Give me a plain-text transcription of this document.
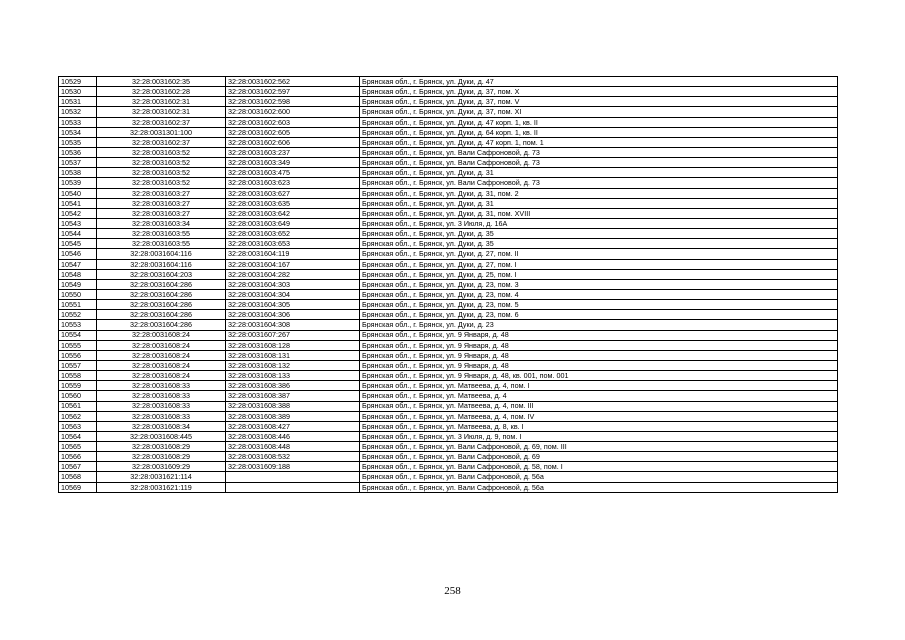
10529	32:28:0031602:35	32:28:0031602:562	Брянская обл., г. Брянск, ул. Дуки, д. 47
10530	32:28:0031602:28	32:28:0031602:597	Брянская обл., г. Брянск, ул. Дуки, д. 37, пом. X
10531	32:28:0031602:31	32:28:0031602:598	Брянская обл., г. Брянск, ул. Дуки, д. 37, пом. V
10532	32:28:0031602:31	32:28:0031602:600	Брянская обл., г. Брянск, ул. Дуки, д. 37, пом. XI
10533	32:28:0031602:37	32:28:0031602:603	Брянская обл., г. Брянск, ул. Дуки, д. 47 корп. 1, кв. II
10534	32:28:0031301:100	32:28:0031602:605	Брянская обл., г. Брянск, ул. Дуки, д. 64 корп. 1, кв. II
10535	32:28:0031602:37	32:28:0031602:606	Брянская обл., г. Брянск, ул. Дуки, д. 47 корп. 1, пом. 1
10536	32:28:0031603:52	32:28:0031603:237	Брянская обл., г. Брянск, ул. Вали Сафроновой, д. 73
10537	32:28:0031603:52	32:28:0031603:349	Брянская обл., г. Брянск, ул. Вали Сафроновой, д. 73
10538	32:28:0031603:52	32:28:0031603:475	Брянская обл., г. Брянск, ул. Дуки, д. 31
10539	32:28:0031603:52	32:28:0031603:623	Брянская обл., г. Брянск, ул. Вали Сафроновой, д. 73
10540	32:28:0031603:27	32:28:0031603:627	Брянская обл., г. Брянск, ул. Дуки, д. 31, пом. 2
10541	32:28:0031603:27	32:28:0031603:635	Брянская обл., г. Брянск, ул. Дуки, д. 31
10542	32:28:0031603:27	32:28:0031603:642	Брянская обл., г. Брянск, ул. Дуки, д. 31, пом. XVIII
10543	32:28:0031603:34	32:28:0031603:649	Брянская обл., г. Брянск, ул. 3 Июля, д. 16А
10544	32:28:0031603:55	32:28:0031603:652	Брянская обл., г. Брянск, ул. Дуки, д. 35
10545	32:28:0031603:55	32:28:0031603:653	Брянская обл., г. Брянск, ул. Дуки, д. 35
10546	32:28:0031604:116	32:28:0031604:119	Брянская обл., г. Брянск, ул. Дуки, д. 27, пом. II
10547	32:28:0031604:116	32:28:0031604:167	Брянская обл., г. Брянск, ул. Дуки, д. 27, пом. I
10548	32:28:0031604:203	32:28:0031604:282	Брянская обл., г. Брянск, ул. Дуки, д. 25, пом. I
10549	32:28:0031604:286	32:28:0031604:303	Брянская обл., г. Брянск, ул. Дуки, д. 23, пом. 3
10550	32:28:0031604:286	32:28:0031604:304	Брянская обл., г. Брянск, ул. Дуки, д. 23, пом. 4
10551	32:28:0031604:286	32:28:0031604:305	Брянская обл., г. Брянск, ул. Дуки, д. 23, пом. 5
10552	32:28:0031604:286	32:28:0031604:306	Брянская обл., г. Брянск, ул. Дуки, д. 23, пом. 6
10553	32:28:0031604:286	32:28:0031604:308	Брянская обл., г. Брянск, ул. Дуки, д. 23
10554	32:28:0031608:24	32:28:0031607:267	Брянская обл., г. Брянск, ул. 9 Января, д. 48
10555	32:28:0031608:24	32:28:0031608:128	Брянская обл., г. Брянск, ул. 9 Января, д. 48
10556	32:28:0031608:24	32:28:0031608:131	Брянская обл., г. Брянск, ул. 9 Января, д. 48
10557	32:28:0031608:24	32:28:0031608:132	Брянская обл., г. Брянск, ул. 9 Января, д. 48
10558	32:28:0031608:24	32:28:0031608:133	Брянская обл., г. Брянск, ул. 9 Января, д. 48, кв. 001, пом. 001
10559	32:28:0031608:33	32:28:0031608:386	Брянская обл., г. Брянск, ул. Матвеева, д. 4, пом. I
10560	32:28:0031608:33	32:28:0031608:387	Брянская обл., г. Брянск, ул. Матвеева, д. 4
10561	32:28:0031608:33	32:28:0031608:388	Брянская обл., г. Брянск, ул. Матвеева, д. 4, пом. III
10562	32:28:0031608:33	32:28:0031608:389	Брянская обл., г. Брянск, ул. Матвеева, д. 4, пом. IV
10563	32:28:0031608:34	32:28:0031608:427	Брянская обл., г. Брянск, ул. Матвеева, д. 8, кв. I
10564	32:28:0031608:445	32:28:0031608:446	Брянская обл., г. Брянск, ул. 3 Июля, д. 9, пом. I
10565	32:28:0031608:29	32:28:0031608:448	Брянская обл., г. Брянск, ул. Вали Сафроновой, д. 69, пом. III
10566	32:28:0031608:29	32:28:0031608:532	Брянская обл., г. Брянск, ул. Вали Сафроновой, д. 69
10567	32:28:0031609:29	32:28:0031609:188	Брянская обл., г. Брянск, ул. Вали Сафроновой, д. 58, пом. I
10568	32:28:0031621:114		Брянская обл., г. Брянск, ул. Вали Сафроновой, д. 56а
10569	32:28:0031621:119		Брянская обл., г. Брянск, ул. Вали Сафроновой, д. 56а
258
